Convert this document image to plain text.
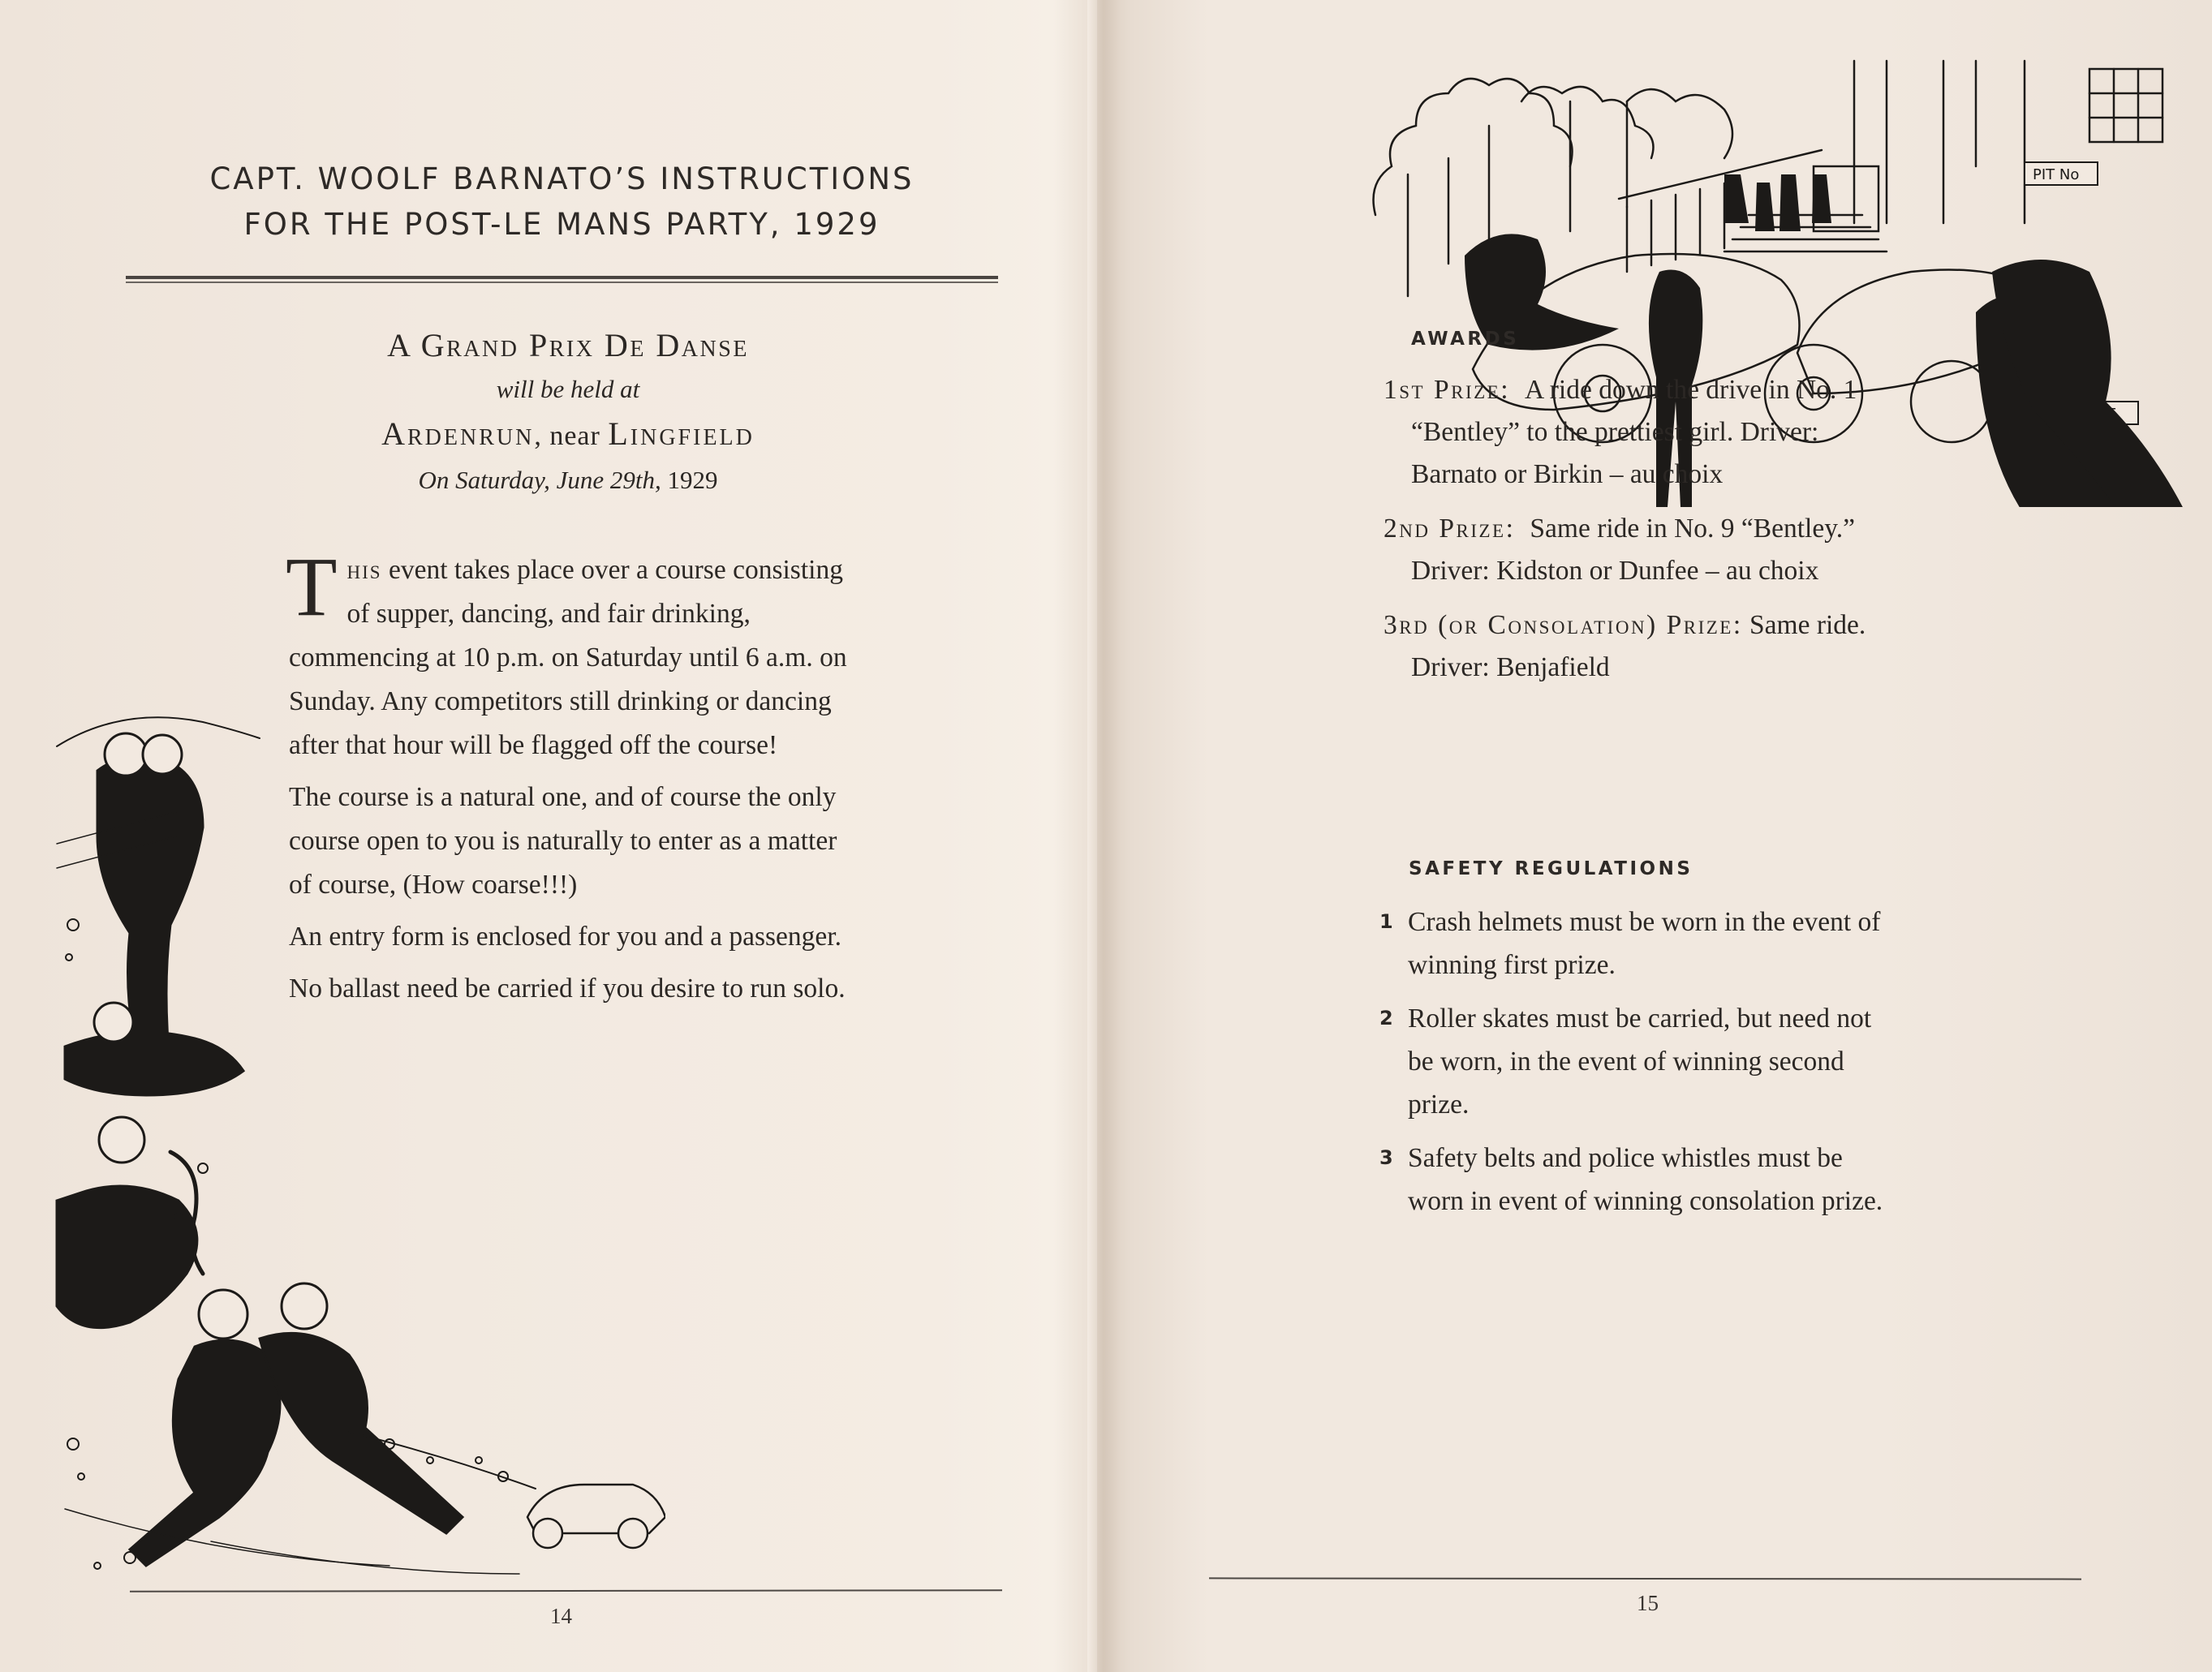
CAPT. WOOLF BARNATO’S INSTRUCTIONS
FOR THE POST-LE MANS PARTY, 1929
A Grand Prix De Danse
will be held at
Ardenrun, near Lingfield
On Saturday, June 29th, 1929

This event takes place over a course consisting of supper, dancing, and fair drinking, commencing at 10 p.m. on Saturday until 6 a.m. on Sunday. Any competitors still drinking or dancing after that hour will be flagged off the course!

The course is a natural one, and of course the only course open to you is naturally to enter as a matter of course, (How coarse!!!)

An entry form is enclosed for you and a passenger.

No ballast need be carried if you desire to run solo.

14
PIT No
AWARDS
1st Prize: A ride down the drive in No. 1 “Bentley” to the prettiest girl. Driver: Barnato or Birkin – au choix
2nd Prize: Same ride in No. 9 “Bentley.” Driver: Kidston or Dunfee – au choix
3rd (or Consolation) Prize: Same ride. Driver: Benjafield
SAFETY REGULATIONS
1 Crash helmets must be worn in the event of winning first prize.
2 Roller skates must be carried, but need not be worn, in the event of winning second prize.
3 Safety belts and police whistles must be worn in event of winning consolation prize.
15
